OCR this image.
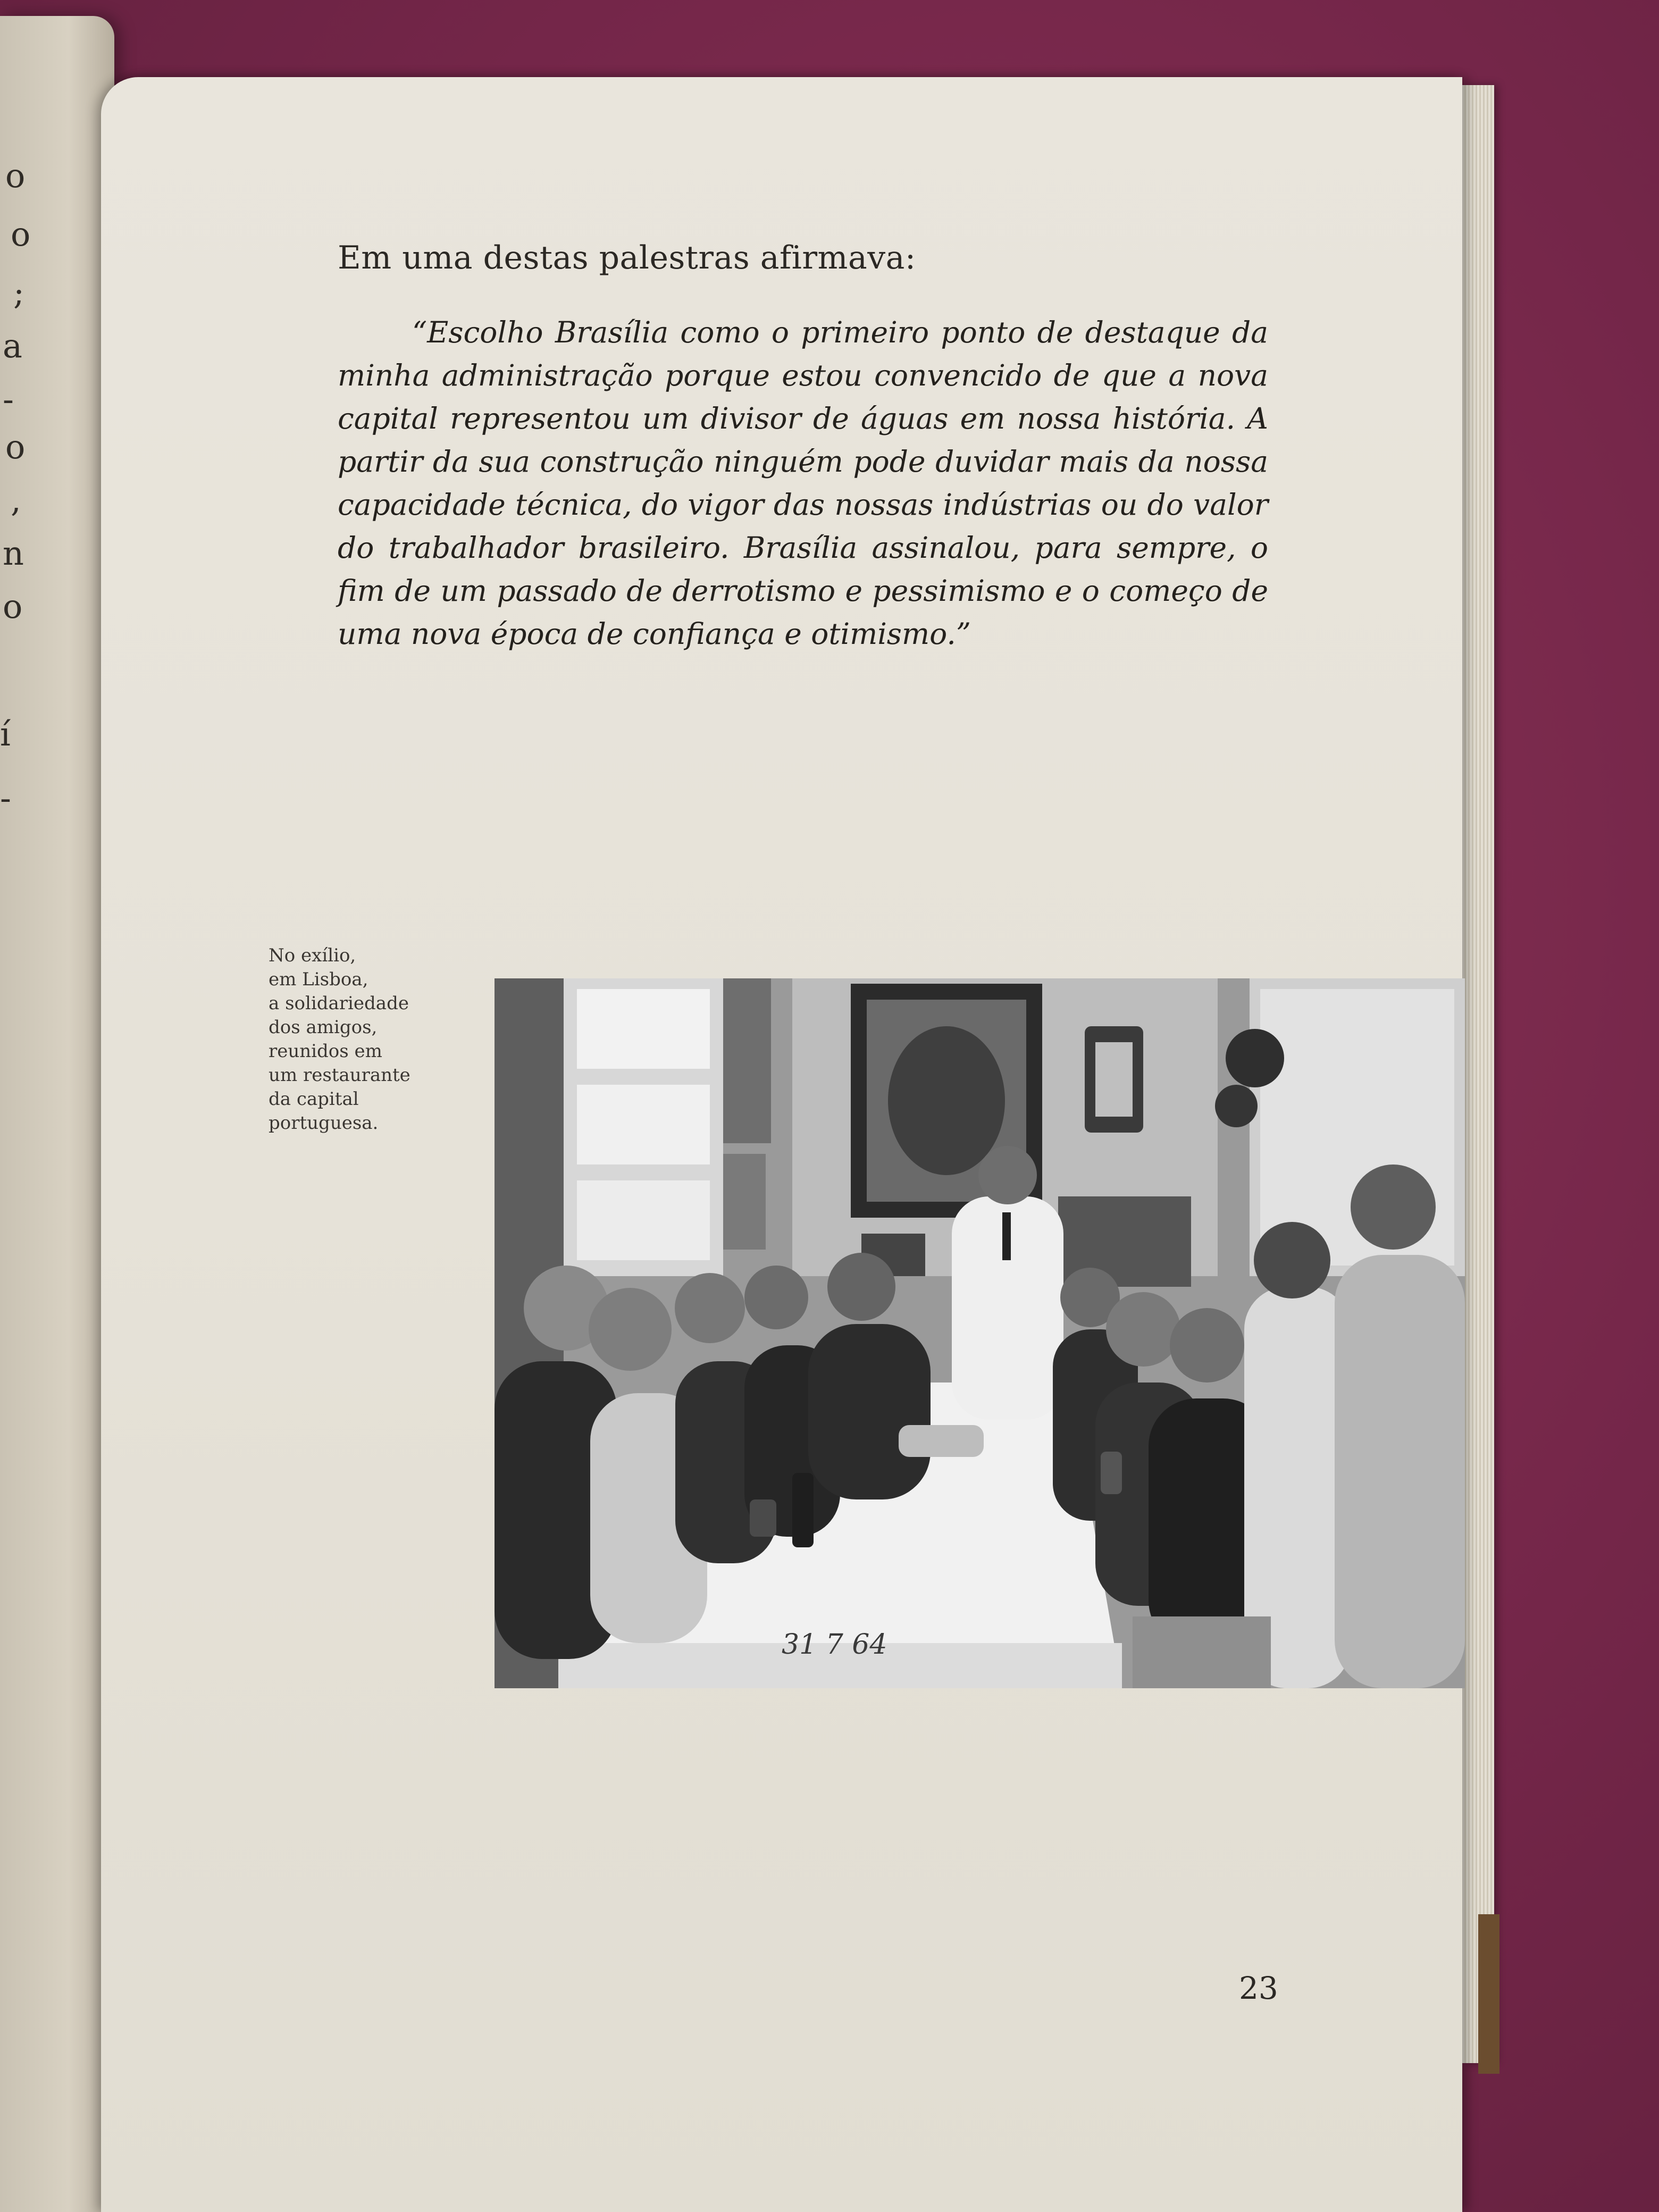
o
o
;
a
-
o
,
n
o
í
-
Em uma destas palestras afirmava:

“Escolho Brasília como o primeiro ponto de destaque da minha administração porque estou convencido de que a nova capital representou um divisor de águas em nossa história. A partir da sua construção ninguém pode duvidar mais da nossa capacidade técnica, do vigor das nossas indústrias ou do valor do trabalhador brasileiro. Brasília assinalou, para sempre, o fim de um passado de derrotismo e pessimismo e o começo de uma nova época de confiança e otimismo.”

No exílio,
em Lisboa,
a solidariedade
dos amigos,
reunidos em
um restaurante
da capital
portuguesa.

31 7 64
23
